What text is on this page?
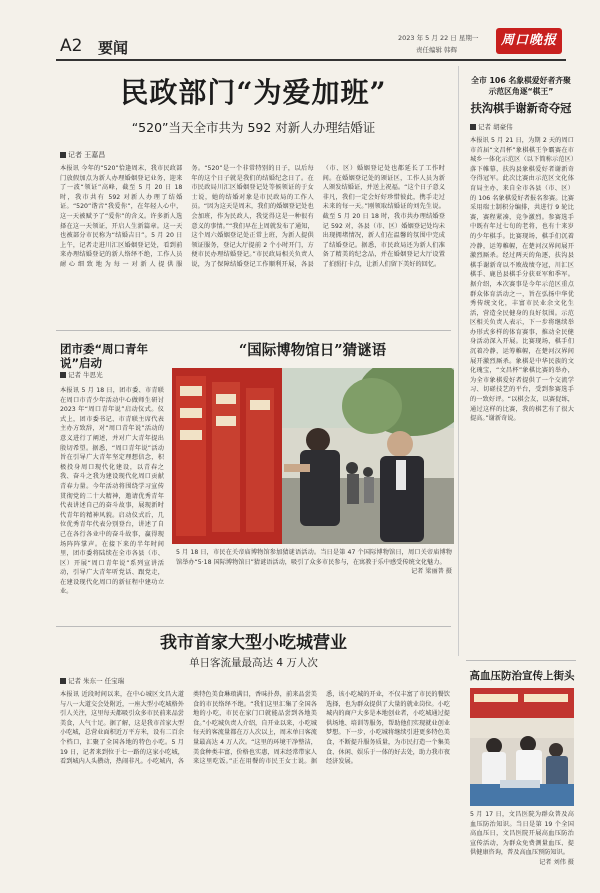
A2 要闻
2023 年 5 月 22 日 星期一
责任编辑 韩辉
周口晚报
民政部门“为爱加班”
“520”当天全市共为 592 对新人办理结婚证
记者 王嘉昌
本报讯 今年的“520”恰逢周末，我市民政部门放假加点为新人办理婚姻登记业务，迎来了一波“领证”高峰，截至 5 月 20 日 18 时，我市共有 592 对新人办理了结婚证。“520”谐音“我爱你”，在年轻人心中，这一天被赋予了“爱你”的含义。许多新人选择在这一天领证，开启人生新篇章。这一天也被部分市民称为“结婚吉日”。5 月 20 日上午，记者走进川汇区婚姻登记处，看到前来办理结婚登记的新人络绎不绝，工作人员耐心细致地为每一对新人提供服务。“520”是一个非常特别的日子，以后每年的这个日子就是我们的结婚纪念日了。在市民政局川汇区婚姻登记处等候领证的于女士说，她的结婚对象是市民政局的工作人员。“因为这天是周末，我们的婚姻登记处也会加班，作为民政人，我觉得这是一种很有意义的事情。”“我们早在上周就发布了通知，这个周六婚姻登记处正常上班，为新人提供领证服务，登记大厅提前 2 个小时开门，方便市民办理结婚登记。”市民政局相关负责人说，为了保障结婚登记工作顺利开展，各县（市、区）婚姻登记处也都延长了工作时间。在婚姻登记处的颁证区，工作人员为新人颁发结婚证，并送上祝福。“这个日子意义非凡，我们一定会好好珍惜彼此，携手走过未来的每一天。”刚领取结婚证的刘先生说。截至 5 月 20 日 18 时，我市共办理结婚登记 592 对，各县（市、区）婚姻登记处均未出现拥堵情况，新人们在温馨的氛围中完成了结婚登记。据悉，市民政局还为新人们准备了精美的纪念品，并在婚姻登记大厅设置了拍照打卡点，让新人们留下美好的回忆。
全市 106 名象棋爱好者齐聚示范区角逐“棋王”
扶沟棋手谢新奇夺冠
记者 胡豪伟
本报讯 5 月 21 日，为期 2 天的周口市首届“文昌杯”象棋棋王争霸赛在市城乡一体化示范区（以下简称示范区）落下帷幕，扶沟县象棋爱好者谢新奇夺得冠军。此次比赛由示范区文化体育局主办，来自全市各县（市、区）的 106 名象棋爱好者报名参赛。比赛采用瑞士制积分编排，共进行 9 轮比赛，赛程紧凑，竞争激烈。参赛选手中既有年过七旬的老将，也有十来岁的少年棋手。比赛现场，棋手们沉着冷静，运筹帷幄，在楚河汉界间展开激烈厮杀。经过两天的角逐，扶沟县棋手谢新奇以不败战绩夺冠，川汇区棋手、鹿邑县棋手分获亚军和季军。据介绍，本次赛事是今年示范区重点群众体育活动之一，旨在弘扬中华优秀传统文化，丰富市民业余文化生活，营造全民健身的良好氛围。示范区相关负责人表示，下一步将继续举办形式多样的体育赛事，推动全民健身活动深入开展。比赛现场，棋手们沉着冷静，运筹帷幄，在楚河汉界间展开激烈厮杀。象棋是中华民族的文化瑰宝，“文昌杯”象棋比赛的举办，为全市象棋爱好者提供了一个交流学习、切磋技艺的平台，受到参赛选手的一致好评。“以棋会友，以赛促练，通过这样的比赛，我的棋艺有了很大提高。”谢新奇说。
团市委“周口青年说”启动
记者 牛思光
本报讯 5 月 18 日，团市委、市青联在周口市青少年活动中心做师生研讨 2023 年“周口青年说”启动仪式。仪式上，团市委书记、市青联主席代表主办方致辞，对“周口青年说”活动的意义进行了阐述，并对广大青年提出殷切希望。据悉，“周口青年说”活动旨在引导广大青年坚定理想信念，积极投身周口现代化建设，以青春之我、奋斗之我为建设现代化周口贡献青春力量。今年活动将围绕学习宣传贯彻党的二十大精神，邀请优秀青年代表讲述自己的奋斗故事，展现新时代青年的精神风貌。启动仪式后，几位优秀青年代表分别登台，讲述了自己在各行各业中的奋斗故事，赢得现场阵阵掌声。在接下来的半年时间里，团市委将陆续在全市各县（市、区）开展“周口青年说”系列宣讲活动，引导广大青年听党话、跟党走，在建设现代化周口的新征程中建功立业。
“国际博物馆日”猜谜语
5 月 18 日，市民在关帝庙博物馆参加猜谜语活动。当日是第 47 个国际博物馆日，周口关帝庙博物馆举办“5·18 国际博物馆日”猜谜语活动，吸引了众多市民参与，在寓教于乐中感受传统文化魅力。
记者 梁丽普 摄
我市首家大型小吃城营业
单日客流量最高达 4 万人次
记者 朱东一 任宝瑞
本报讯 近段时间以来，在中心城区文昌大道与八一大道交会处附近，一座大型小吃城格外引人关注，这里每天都吸引众多市民前来品尝美食，人气十足。据了解，这是我市首家大型小吃城，总营业面积近万平方米，设有二百余个档口，汇聚了全国各地的特色小吃。5 月 19 日，记者来到位于七一路的这家小吃城，看到城内人头攒动，热闹非凡。小吃城内，各类特色美食琳琅满目，香味扑鼻，前来品尝美食的市民络绎不绝。“我们这里汇集了全国各地的小吃，市民在家门口就能品尝到各地美食。”小吃城负责人介绍，自开业以来，小吃城每天的客流量都在万人次以上，周末单日客流量最高达 4 万人次。“这里的环境干净整洁，美食种类丰富，价格也实惠，周末经常带家人来这里吃饭。”正在用餐的市民王女士说。据悉，该小吃城的开业，不仅丰富了市民的餐饮选择，也为群众提供了大量的就业岗位。小吃城内的商户大多是本地创业者，小吃城通过提供场地、培训等服务，帮助他们实现就业创业梦想。下一步，小吃城将继续引进更多特色美食，不断提升服务质量，为市民打造一个集美食、休闲、娱乐于一体的好去处，助力我市夜经济发展。
高血压防治宣传上街头
5 月 17 日，文昌医院为群众普及高血压防治知识。当日是第 19 个全国高血压日，文昌医院开展高血压防治宣传活动，为群众免费测量血压、提供健康咨询，普及高血压预防知识。
记者 刘伟 摄
